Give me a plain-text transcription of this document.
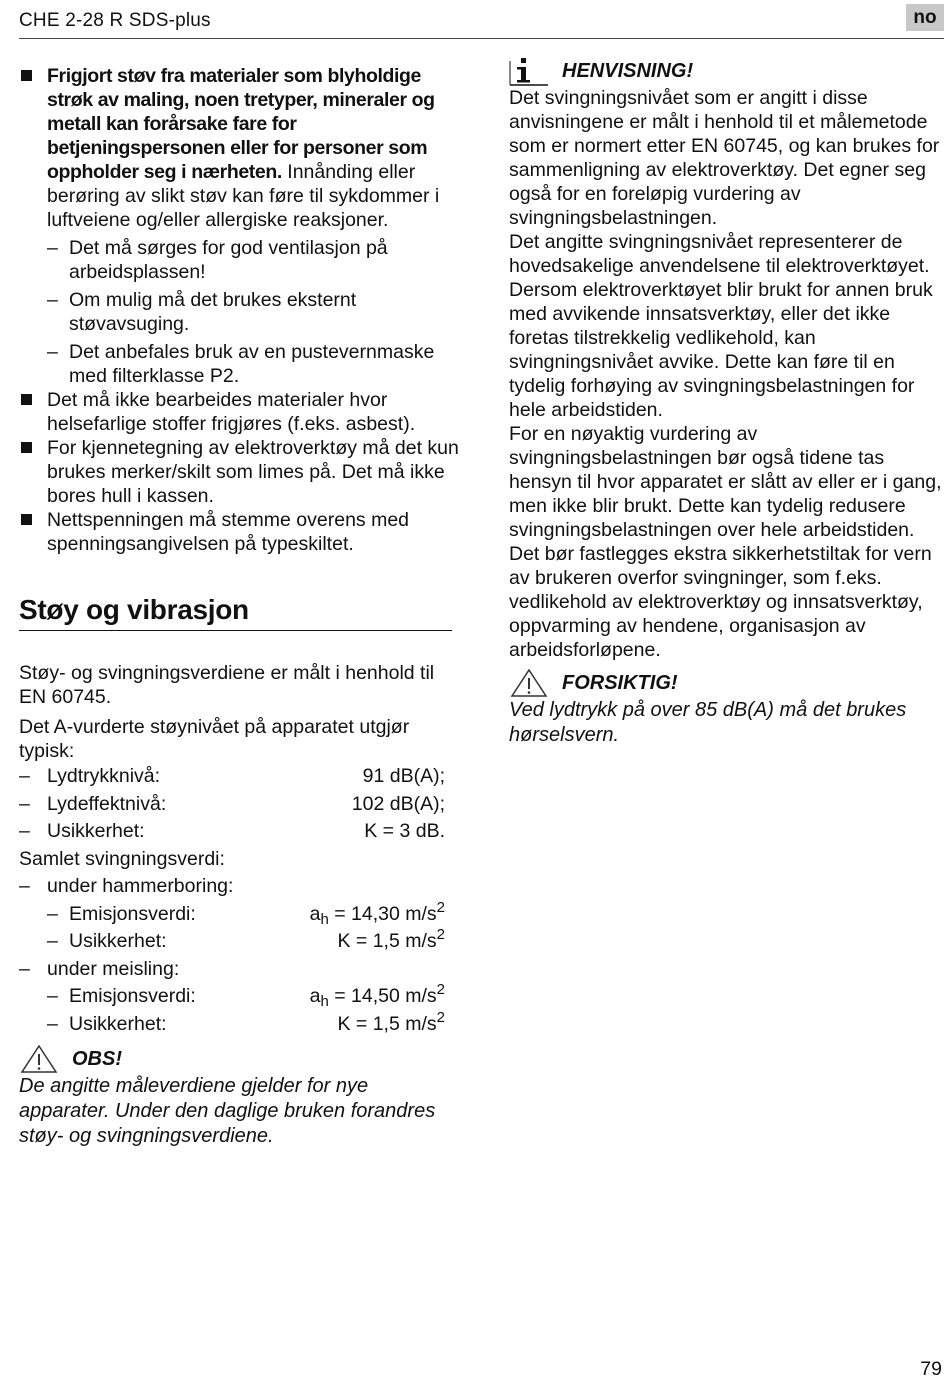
CHE 2-28 R SDS-plus	no
Frigjort støv fra materialer som blyholdige strøk av maling, noen tretyper, mineraler og metall kan forårsake fare for betjeningspersonen eller for personer som oppholder seg i nærheten. Innånding eller berøring av slikt støv kan føre til sykdommer i luftveiene og/eller allergiske reaksjoner.
– Det må sørges for god ventilasjon på arbeidsplassen!
– Om mulig må det brukes eksternt støvavsuging.
– Det anbefales bruk av en pustevernmaske med filterklasse P2.
Det må ikke bearbeides materialer hvor helsefarlige stoffer frigjøres (f.eks. asbest).
For kjennetegning av elektroverktøy må det kun brukes merker/skilt som limes på. Det må ikke bores hull i kassen.
Nettspenningen må stemme overens med spenningsangivelsen på typeskiltet.
Støy og vibrasjon
Støy- og svingningsverdiene er målt i henhold til EN 60745.
Det A-vurderte støynivået på apparatet utgjør typisk:
– Lydtrykknivå:	91 dB(A);
– Lydeffektnivå:	102 dB(A);
– Usikkerhet:	K = 3 dB.
Samlet svingningsverdi:
– under hammerboring:
– Emisjonsverdi:	$a_h = 14,30$ $m/s^2$
– Usikkerhet:	K = 1,5 $m/s^2$
– under meisling:
– Emisjonsverdi:	$a_h = 14,50$ $m/s^2$
– Usikkerhet:	K = 1,5 $m/s^2$
OBS!
De angitte måleverdiene gjelder for nye apparater. Under den daglige bruken forandres støy- og svingningsverdiene.
HENVISNING!
Det svingningsnivået som er angitt i disse anvisningene er målt i henhold til et målemetode som er normert etter EN 60745, og kan brukes for sammenligning av elektroverktøy. Det egner seg også for en foreløpig vurdering av svingningsbelastningen.
Det angitte svingningsnivået representerer de hovedsakelige anvendelsene til elektroverktøyet. Dersom elektroverktøyet blir brukt for annen bruk med avvikende innsatsverktøy, eller det ikke foretas tilstrekkelig vedlikehold, kan svingningsnivået avvike. Dette kan føre til en tydelig forhøying av svingningsbelastningen for hele arbeidstiden.
For en nøyaktig vurdering av svingningsbelastningen bør også tidene tas hensyn til hvor apparatet er slått av eller er i gang, men ikke blir brukt. Dette kan tydelig redusere svingningsbelastningen over hele arbeidstiden.
Det bør fastlegges ekstra sikkerhetstiltak for vern av brukeren overfor svingninger, som f.eks. vedlikehold av elektroverktøy og innsatsverktøy, oppvarming av hendene, organisasjon av arbeidsforløpene.
FORSIKTIG!
Ved lydtrykk på over 85 dB(A) må det brukes hørselsvern.
79
